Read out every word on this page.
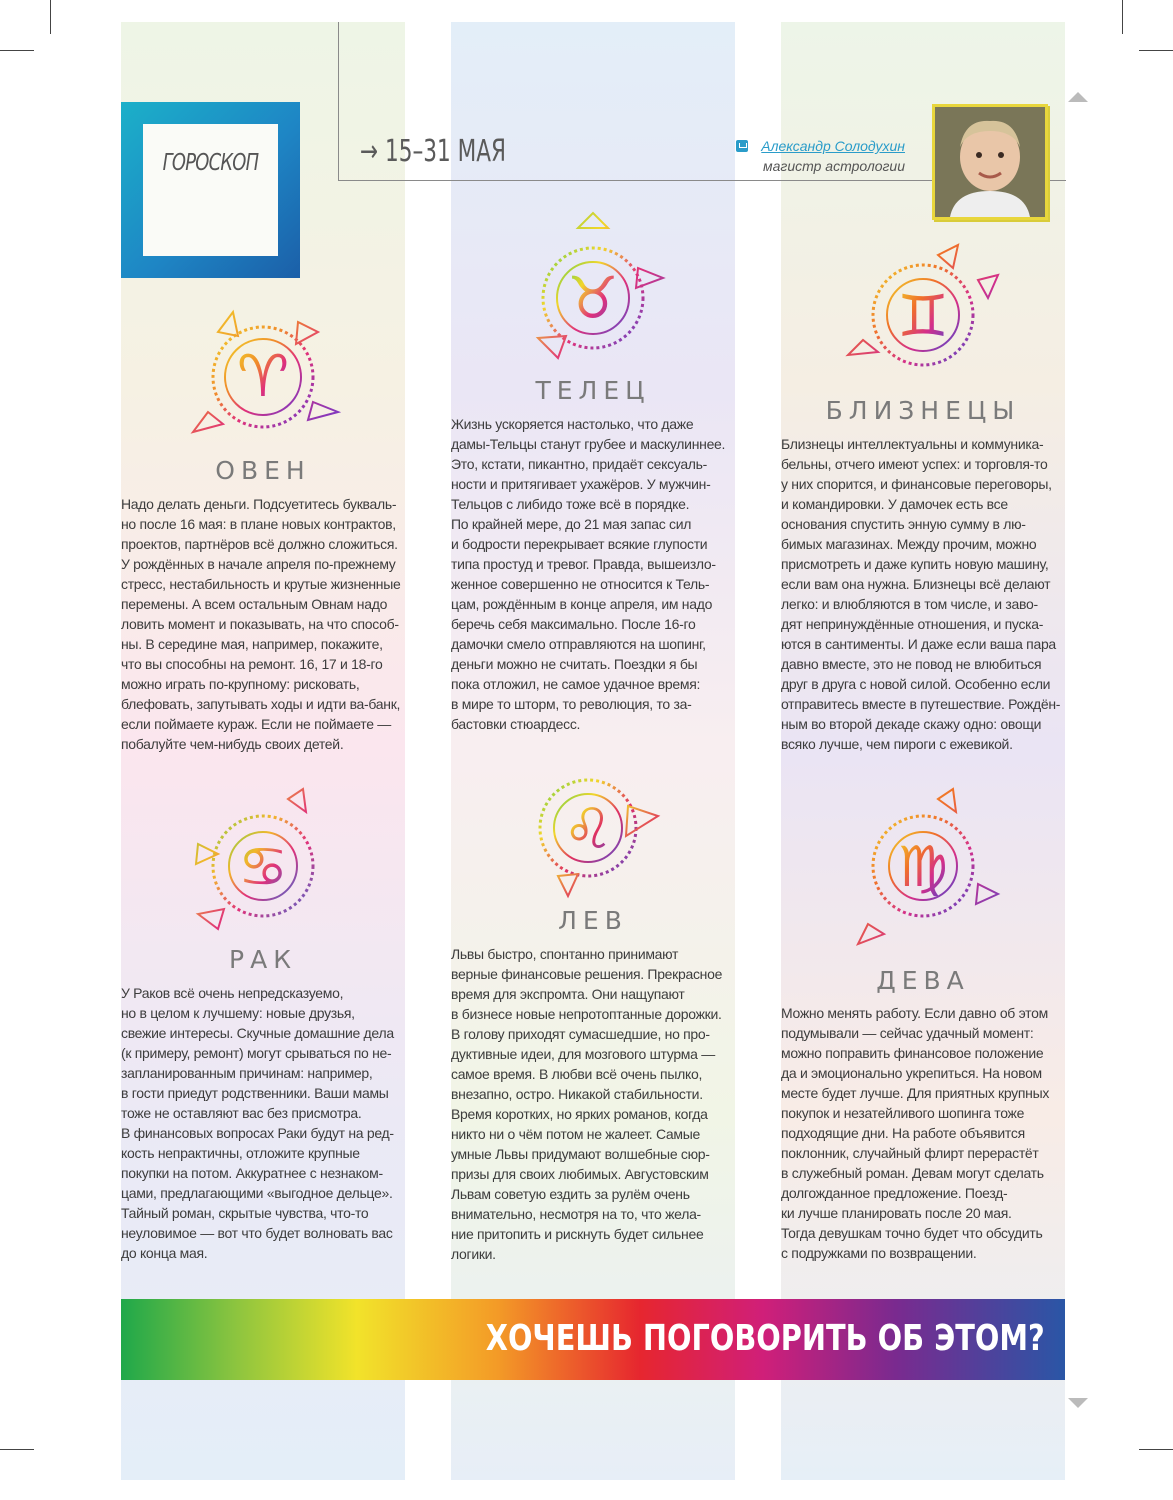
ГОРОСКОП	→ 15–31 МАЯ	Александр Солодухин
магистр астрологии
♈
ОВЕН
Надо делать деньги. Подсуетитесь букваль-
но после 16 мая: в плане новых контрактов,
проектов, партнёров всё должно сложиться.
У рождённых в начале апреля по-прежнему
стресс, нестабильность и крутые жизненные
перемены. А всем остальным Овнам надо
ловить момент и показывать, на что способ-
ны. В середине мая, например, покажите,
что вы способны на ремонт. 16, 17 и 18-го
можно играть по-крупному: рисковать,
блефовать, запутывать ходы и идти ва-банк,
если поймаете кураж. Если не поймаете —
побалуйте чем-нибудь своих детей.
♉
ТЕЛЕЦ
Жизнь ускоряется настолько, что даже
дамы-Тельцы станут грубее и маскулиннее.
Это, кстати, пикантно, придаёт сексуаль-
ности и притягивает ухажёров. У мужчин-
Тельцов с либидо тоже всё в порядке.
По крайней мере, до 21 мая запас сил
и бодрости перекрывает всякие глупости
типа простуд и тревог. Правда, вышеизло-
женное совершенно не относится к Тель-
цам, рождённым в конце апреля, им надо
беречь себя максимально. После 16-го
дамочки смело отправляются на шопинг,
деньги можно не считать. Поездки я бы
пока отложил, не самое удачное время:
в мире то шторм, то революция, то за-
бастовки стюардесс.
♊
БЛИЗНЕЦЫ
Близнецы интеллектуальны и коммуника-
бельны, отчего имеют успех: и торговля-то
у них спорится, и финансовые переговоры,
и командировки. У дамочек есть все
основания спустить энную сумму в лю-
бимых магазинах. Между прочим, можно
присмотреть и даже купить новую машину,
если вам она нужна. Близнецы всё делают
легко: и влюбляются в том числе, и заво-
дят непринуждённые отношения, и пуска-
ются в сантименты. И даже если ваша пара
давно вместе, это не повод не влюбиться
друг в друга с новой силой. Особенно если
отправитесь вместе в путешествие. Рождён-
ным во второй декаде скажу одно: овощи
всяко лучше, чем пироги с ежевикой.
♋
РАК
У Раков всё очень непредсказуемо,
но в целом к лучшему: новые друзья,
свежие интересы. Скучные домашние дела
(к примеру, ремонт) могут срываться по не-
запланированным причинам: например,
в гости приедут родственники. Ваши мамы
тоже не оставляют вас без присмотра.
В финансовых вопросах Раки будут на ред-
кость непрактичны, отложите крупные
покупки на потом. Аккуратнее с незнаком-
цами, предлагающими «выгодное дельце».
Тайный роман, скрытые чувства, что-то
неуловимое — вот что будет волновать вас
до конца мая.
♌
ЛЕВ
Львы быстро, спонтанно принимают
верные финансовые решения. Прекрасное
время для экспромта. Они нащупают
в бизнесе новые непротоптанные дорожки.
В голову приходят сумасшедшие, но про-
дуктивные идеи, для мозгового штурма —
самое время. В любви всё очень пылко,
внезапно, остро. Никакой стабильности.
Время коротких, но ярких романов, когда
никто ни о чём потом не жалеет. Самые
умные Львы придумают волшебные сюр-
призы для своих любимых. Августовским
Львам советую ездить за рулём очень
внимательно, несмотря на то, что жела-
ние притопить и рискнуть будет сильнее
логики.
♍
ДЕВА
Можно менять работу. Если давно об этом
подумывали — сейчас удачный момент:
можно поправить финансовое положение
да и эмоционально укрепиться. На новом
месте будет лучше. Для приятных крупных
покупок и незатейливого шопинга тоже
подходящие дни. На работе объявится
поклонник, случайный флирт перерастёт
в служебный роман. Девам могут сделать
долгожданное предложение. Поезд-
ки лучше планировать после 20 мая.
Тогда девушкам точно будет что обсудить
с подружками по возвращении.
ХОЧЕШЬ ПОГОВОРИТЬ ОБ ЭТОМ?
